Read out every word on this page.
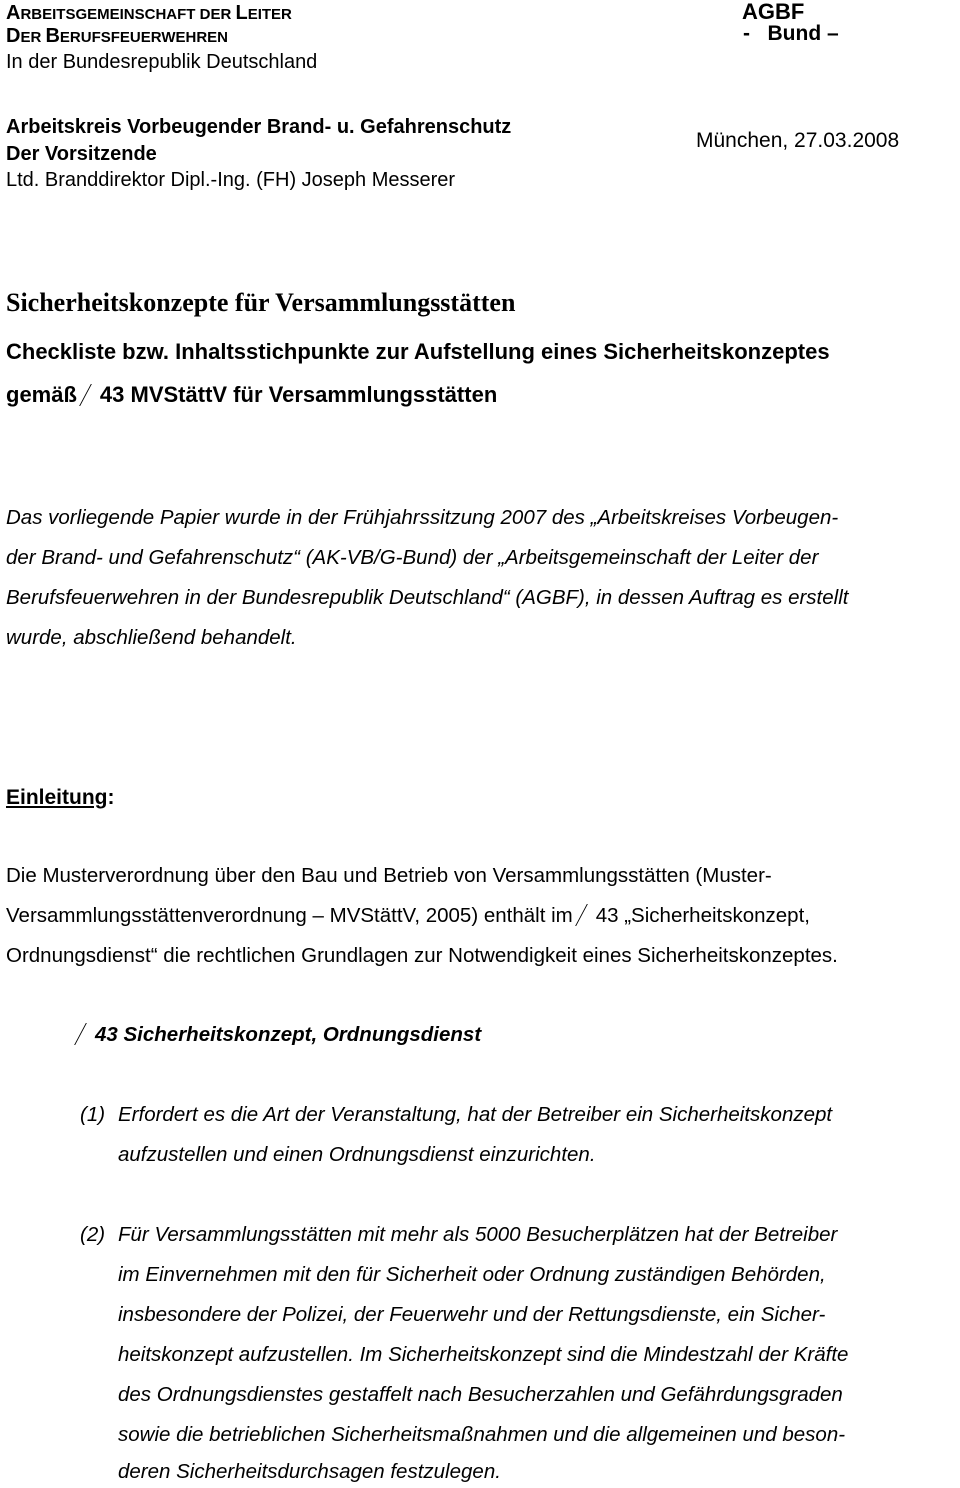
ARBEITSGEMEINSCHAFT DER LEITER
DER BERUFSFEUERWEHREN
In der Bundesrepublik Deutschland
AGBF
-   Bund –
Arbeitskreis Vorbeugender Brand- u. Gefahrenschutz
Der Vorsitzende
Ltd. Branddirektor Dipl.-Ing. (FH) Joseph Messerer
München, 27.03.2008
Sicherheitskonzepte für Versammlungsstätten
Checkliste bzw. Inhaltsstichpunkte zur Aufstellung eines Sicherheitskonzeptes
gemäß 43 MVStättV für Versammlungsstätten
Das vorliegende Papier wurde in der Frühjahrssitzung 2007 des „Arbeitskreises Vorbeugen-
der Brand- und Gefahrenschutz“ (AK-VB/G-Bund) der „Arbeitsgemeinschaft der Leiter der
Berufsfeuerwehren in der Bundesrepublik Deutschland“ (AGBF), in dessen Auftrag es erstellt
wurde, abschließend behandelt.
Einleitung:
Die Musterverordnung über den Bau und Betrieb von Versammlungsstätten (Muster-
Versammlungsstättenverordnung – MVStättV, 2005) enthält im 43 „Sicherheitskonzept,
Ordnungsdienst“ die rechtlichen Grundlagen zur Notwendigkeit eines Sicherheitskonzeptes.
43 Sicherheitskonzept, Ordnungsdienst
(1) Erfordert es die Art der Veranstaltung, hat der Betreiber ein Sicherheitskonzept
aufzustellen und einen Ordnungsdienst einzurichten.
(2) Für Versammlungsstätten mit mehr als 5000 Besucherplätzen hat der Betreiber
im Einvernehmen mit den für Sicherheit oder Ordnung zuständigen Behörden,
insbesondere der Polizei, der Feuerwehr und der Rettungsdienste, ein Sicher-
heitskonzept aufzustellen. Im Sicherheitskonzept sind die Mindestzahl der Kräfte
des Ordnungsdienstes gestaffelt nach Besucherzahlen und Gefährdungsgraden
sowie die betrieblichen Sicherheitsmaßnahmen und die allgemeinen und beson-
deren Sicherheitsdurchsagen festzulegen.
